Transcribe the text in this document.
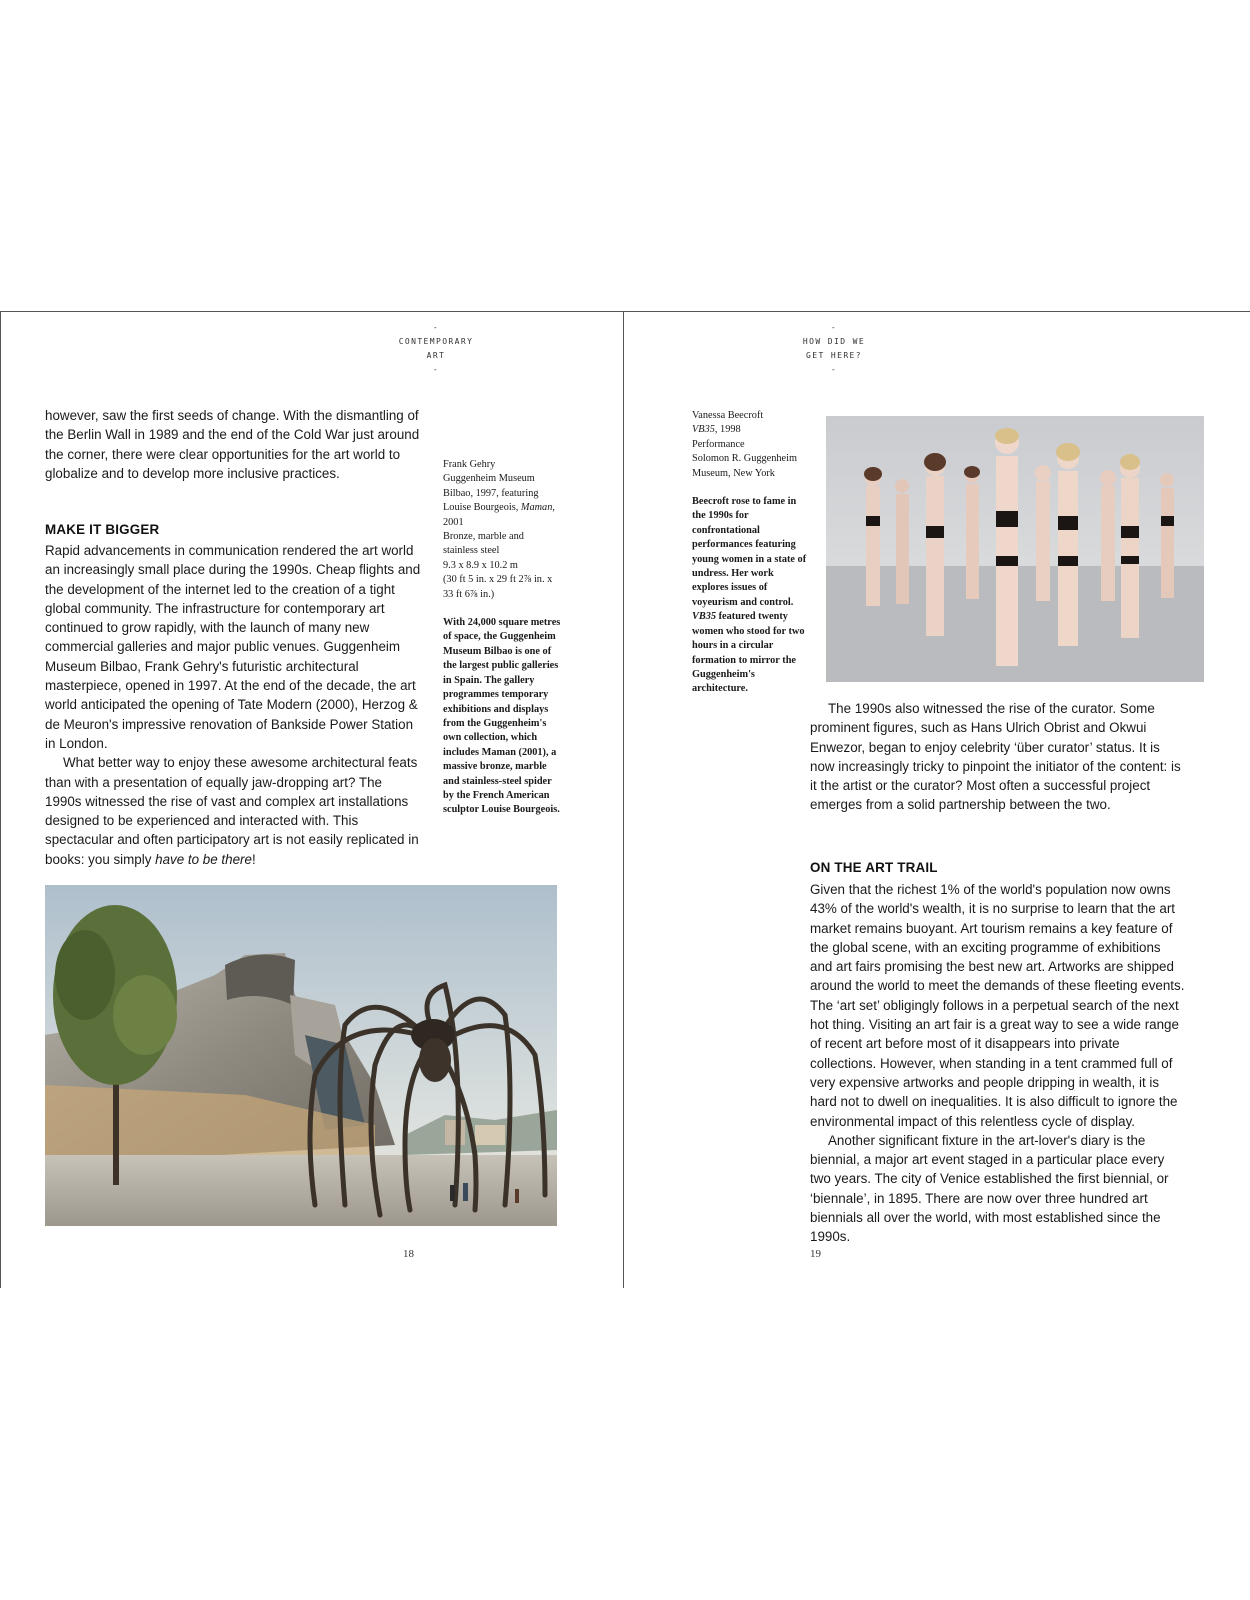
-
CONTEMPORARY
ART
-

however, saw the first seeds of change. With the dismantling of the Berlin Wall in 1989 and the end of the Cold War just around the corner, there were clear opportunities for the art world to globalize and to develop more inclusive practices.

MAKE IT BIGGER

Rapid advancements in communication rendered the art world an increasingly small place during the 1990s. Cheap flights and the development of the internet led to the creation of a tight global community. The infrastructure for contemporary art continued to grow rapidly, with the launch of many new commercial galleries and major public venues. Guggenheim Museum Bilbao, Frank Gehry's futuristic architectural masterpiece, opened in 1997. At the end of the decade, the art world anticipated the opening of Tate Modern (2000), Herzog & de Meuron's impressive renovation of Bankside Power Station in London.

What better way to enjoy these awesome architectural feats than with a presentation of equally jaw-dropping art? The 1990s witnessed the rise of vast and complex art installations designed to be experienced and interacted with. This spectacular and often participatory art is not easily replicated in books: you simply have to be there!

Frank Gehry
Guggenheim Museum Bilbao, 1997, featuring Louise Bourgeois, Maman, 2001
Bronze, marble and stainless steel
9.3 x 8.9 x 10.2 m
(30 ft 5 in. x 29 ft 2⅞ in. x 33 ft 6⅞ in.)
With 24,000 square metres of space, the Guggenheim Museum Bilbao is one of the largest public galleries in Spain. The gallery programmes temporary exhibitions and displays from the Guggenheim's own collection, which includes Maman (2001), a massive bronze, marble and stainless-steel spider by the French American sculptor Louise Bourgeois.
18
-
HOW DID WE
GET HERE?
-
Vanessa Beecroft
VB35, 1998
Performance
Solomon R. Guggenheim Museum, New York
Beecroft rose to fame in the 1990s for confrontational performances featuring young women in a state of undress. Her work explores issues of voyeurism and control. VB35 featured twenty women who stood for two hours in a circular formation to mirror the Guggenheim's architecture.

The 1990s also witnessed the rise of the curator. Some prominent figures, such as Hans Ulrich Obrist and Okwui Enwezor, began to enjoy celebrity ‘über curator’ status. It is now increasingly tricky to pinpoint the initiator of the content: is it the artist or the curator? Most often a successful project emerges from a solid partnership between the two.

ON THE ART TRAIL

Given that the richest 1% of the world's population now owns 43% of the world's wealth, it is no surprise to learn that the art market remains buoyant. Art tourism remains a key feature of the global scene, with an exciting programme of exhibitions and art fairs promising the best new art. Artworks are shipped around the world to meet the demands of these fleeting events. The ‘art set’ obligingly follows in a perpetual search of the next hot thing. Visiting an art fair is a great way to see a wide range of recent art before most of it disappears into private collections. However, when standing in a tent crammed full of very expensive artworks and people dripping in wealth, it is hard not to dwell on inequalities. It is also difficult to ignore the environmental impact of this relentless cycle of display.

Another significant fixture in the art-lover's diary is the biennial, a major art event staged in a particular place every two years. The city of Venice established the first biennial, or ‘biennale’, in 1895. There are now over three hundred art biennials all over the world, with most established since the 1990s.

19
